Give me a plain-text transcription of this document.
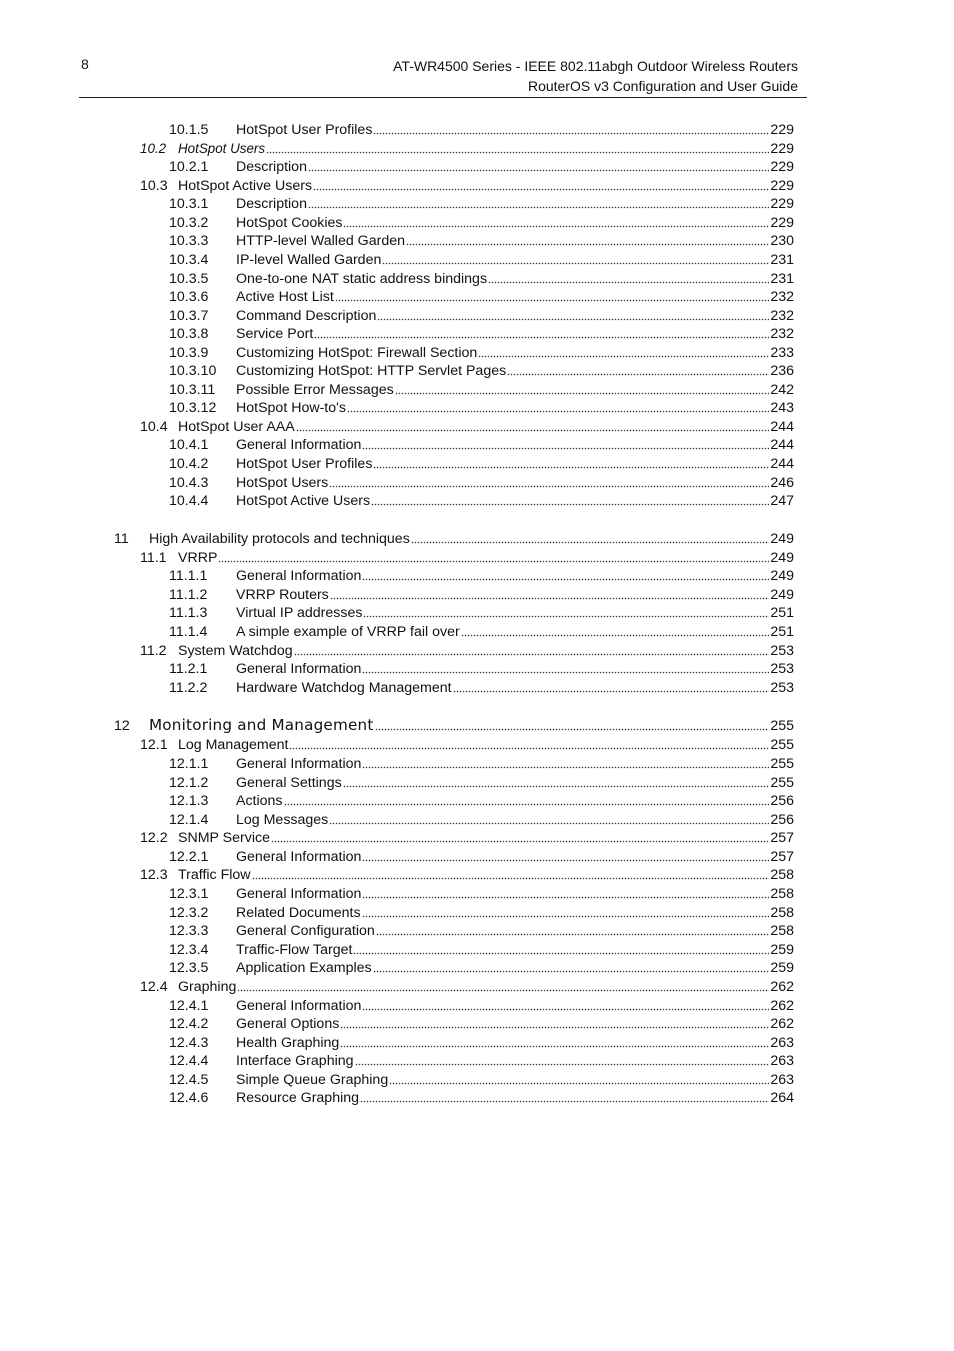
8	AT-WR4500 Series - IEEE 802.11abgh Outdoor Wireless Routers
RouterOS v3 Configuration and User Guide
10.1.5	HotSpot User Profiles	229
10.2 HotSpot Users	229
10.2.1	Description	229
10.3 HotSpot Active Users	229
10.3.1	Description	229
10.3.2	HotSpot Cookies	229
10.3.3	HTTP-level Walled Garden	230
10.3.4	IP-level Walled Garden	231
10.3.5	One-to-one NAT static address bindings	231
10.3.6	Active Host List	232
10.3.7	Command Description	232
10.3.8	Service Port	232
10.3.9	Customizing HotSpot: Firewall Section	233
10.3.10	Customizing HotSpot: HTTP Servlet Pages	236
10.3.11	Possible Error Messages	242
10.3.12	HotSpot How-to's	243
10.4 HotSpot User AAA	244
10.4.1	General Information	244
10.4.2	HotSpot User Profiles	244
10.4.3	HotSpot Users	246
10.4.4	HotSpot Active Users	247
11	High Availability protocols and techniques	249
11.1 VRRP	249
11.1.1	General Information	249
11.1.2	VRRP Routers	249
11.1.3	Virtual IP addresses	251
11.1.4	A simple example of VRRP fail over	251
11.2 System Watchdog	253
11.2.1	General Information	253
11.2.2	Hardware Watchdog Management	253
12	Monitoring and Management	255
12.1 Log Management	255
12.1.1	General Information	255
12.1.2	General Settings	255
12.1.3	Actions	256
12.1.4	Log Messages	256
12.2 SNMP Service	257
12.2.1	General Information	257
12.3 Traffic Flow	258
12.3.1	General Information	258
12.3.2	Related Documents	258
12.3.3	General Configuration	258
12.3.4	Traffic-Flow Target	259
12.3.5	Application Examples	259
12.4 Graphing	262
12.4.1	General Information	262
12.4.2	General Options	262
12.4.3	Health Graphing	263
12.4.4	Interface Graphing	263
12.4.5	Simple Queue Graphing	263
12.4.6	Resource Graphing	264
